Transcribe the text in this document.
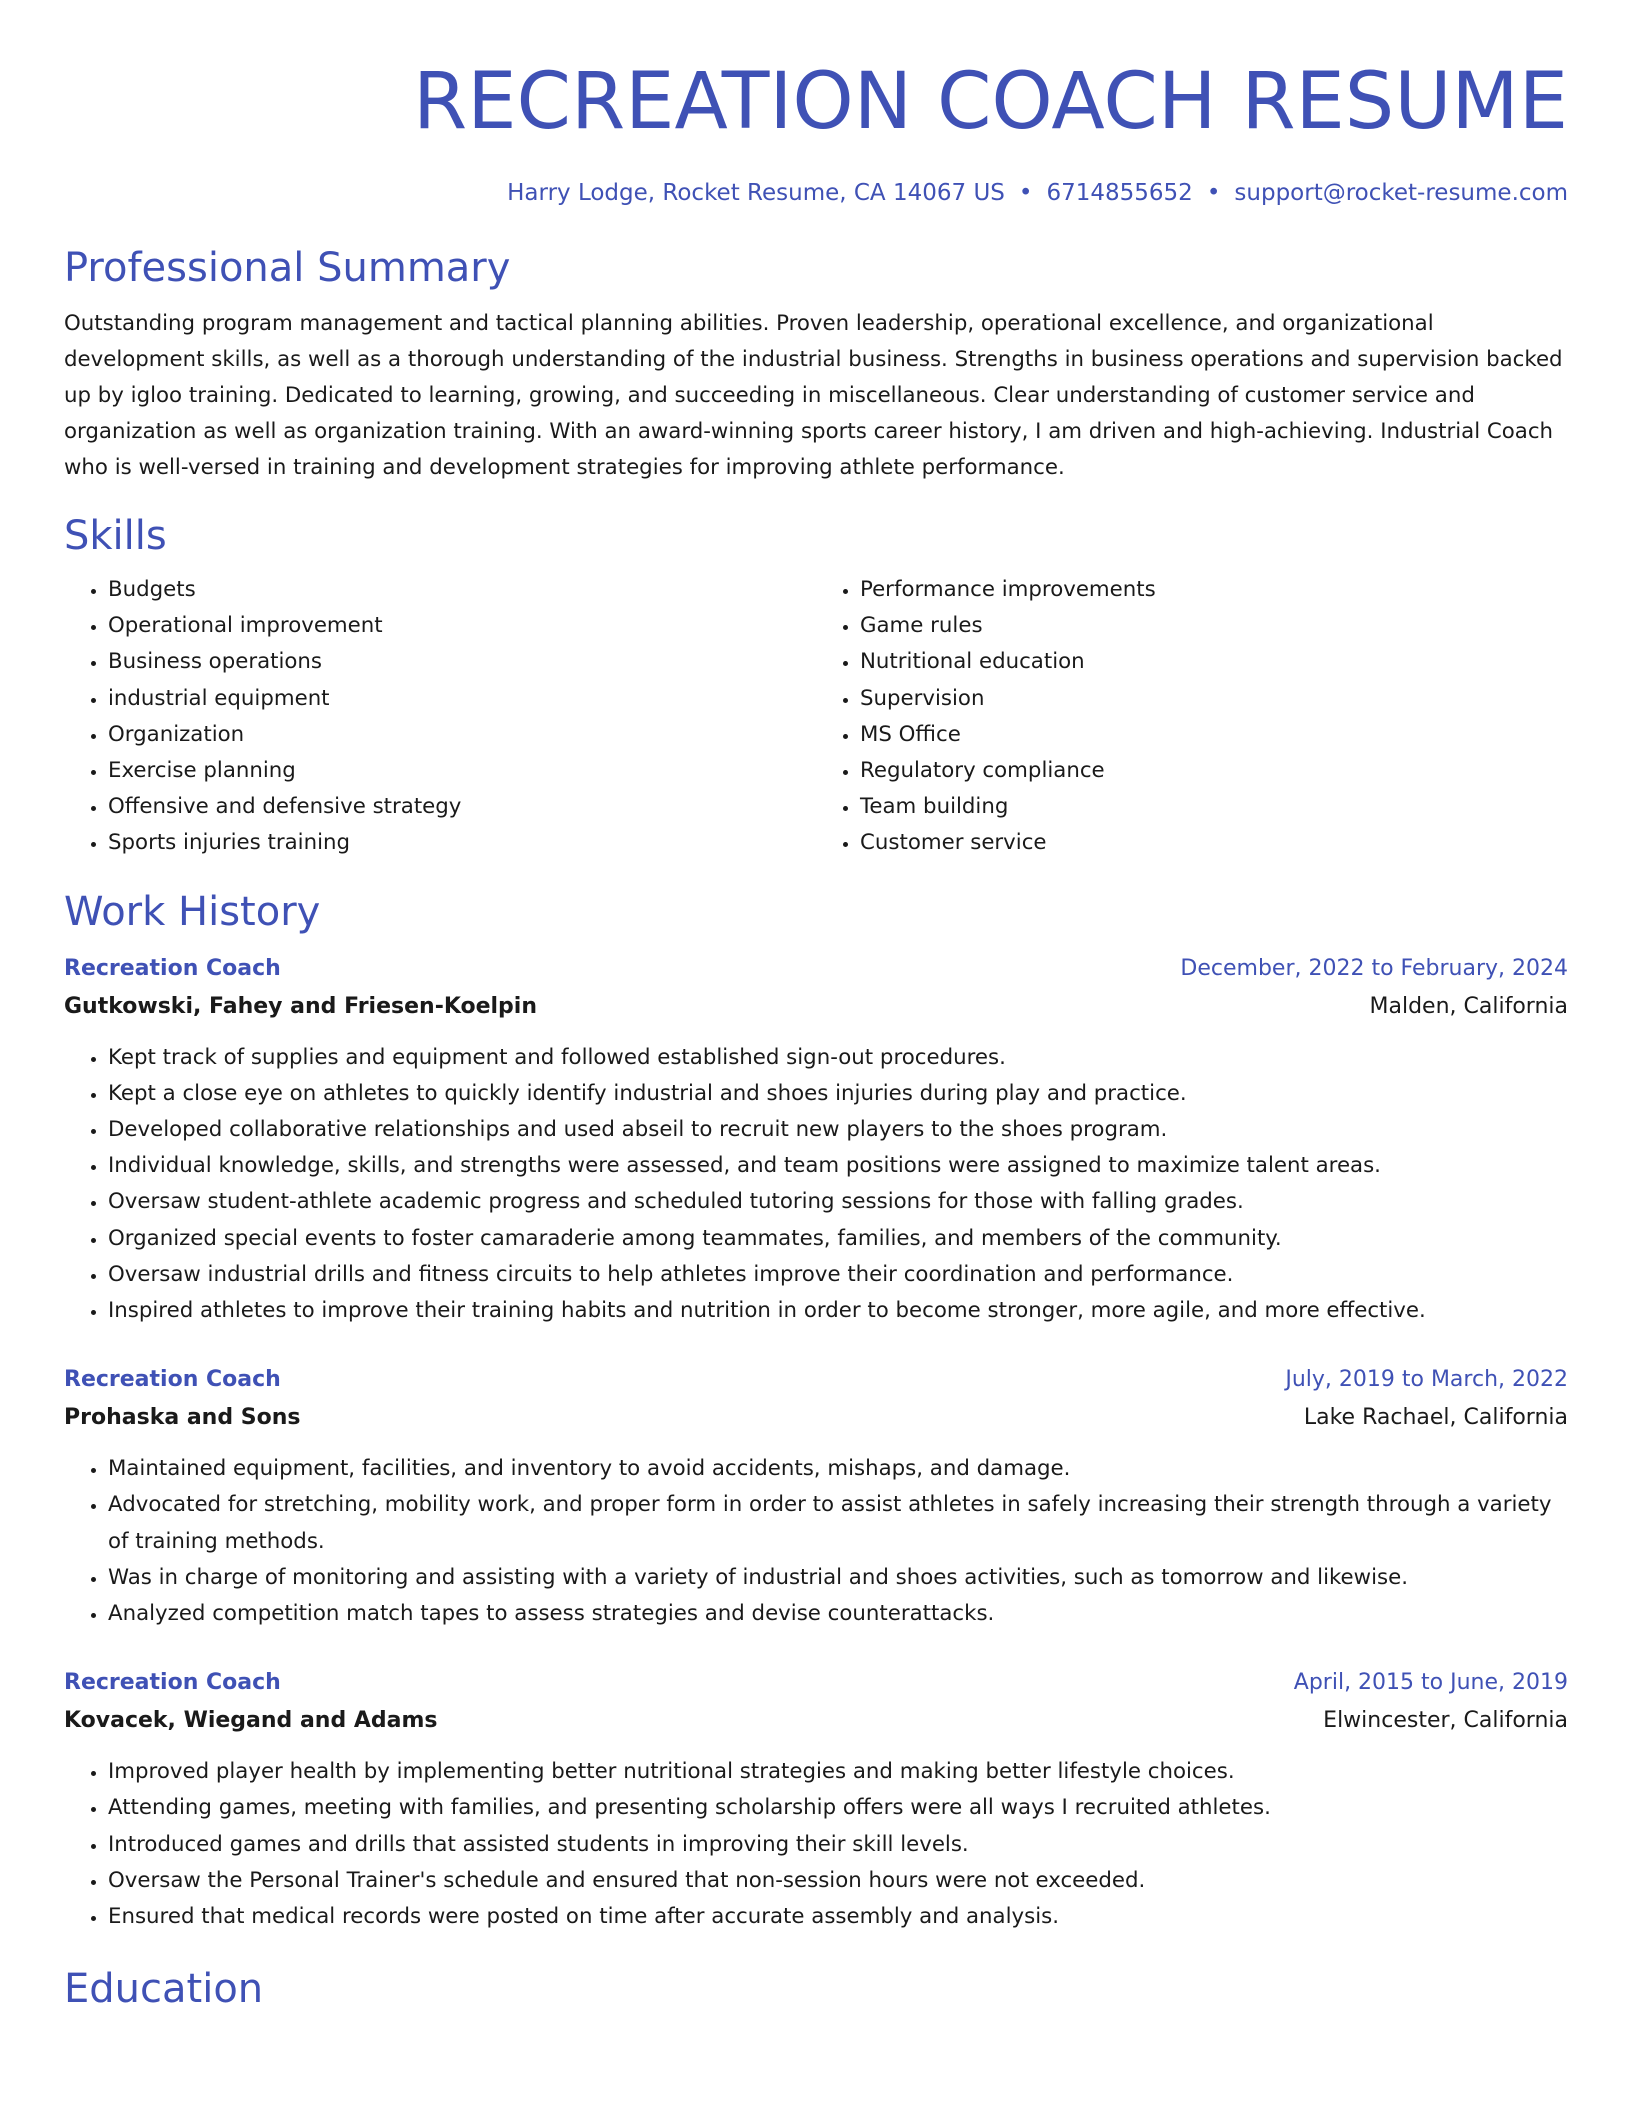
RECREATION COACH RESUME
Harry Lodge, Rocket Resume, CA 14067 US • 6714855652 • support@rocket-resume.com
Professional Summary

Outstanding program management and tactical planning abilities. Proven leadership, operational excellence, and organizational development skills, as well as a thorough understanding of the industrial business. Strengths in business operations and supervision backed up by igloo training. Dedicated to learning, growing, and succeeding in miscellaneous. Clear understanding of customer service and organization as well as organization training. With an award-winning sports career history, I am driven and high-achieving. Industrial Coach who is well-versed in training and development strategies for improving athlete performance.

Skills
• Budgets
• Operational improvement
• Business operations
• industrial equipment
• Organization
• Exercise planning
• Offensive and defensive strategy
• Sports injuries training
• Performance improvements
• Game rules
• Nutritional education
• Supervision
• MS Office
• Regulatory compliance
• Team building
• Customer service
Work History
Recreation Coach	December, 2022 to February, 2024
Gutkowski, Fahey and Friesen-Koelpin	Malden, California
• Kept track of supplies and equipment and followed established sign-out procedures.
• Kept a close eye on athletes to quickly identify industrial and shoes injuries during play and practice.
• Developed collaborative relationships and used abseil to recruit new players to the shoes program.
• Individual knowledge, skills, and strengths were assessed, and team positions were assigned to maximize talent areas.
• Oversaw student-athlete academic progress and scheduled tutoring sessions for those with falling grades.
• Organized special events to foster camaraderie among teammates, families, and members of the community.
• Oversaw industrial drills and fitness circuits to help athletes improve their coordination and performance.
• Inspired athletes to improve their training habits and nutrition in order to become stronger, more agile, and more effective.
Recreation Coach	July, 2019 to March, 2022
Prohaska and Sons	Lake Rachael, California
• Maintained equipment, facilities, and inventory to avoid accidents, mishaps, and damage.
• Advocated for stretching, mobility work, and proper form in order to assist athletes in safely increasing their strength through a variety of training methods.
• Was in charge of monitoring and assisting with a variety of industrial and shoes activities, such as tomorrow and likewise.
• Analyzed competition match tapes to assess strategies and devise counterattacks.
Recreation Coach	April, 2015 to June, 2019
Kovacek, Wiegand and Adams	Elwincester, California
• Improved player health by implementing better nutritional strategies and making better lifestyle choices.
• Attending games, meeting with families, and presenting scholarship offers were all ways I recruited athletes.
• Introduced games and drills that assisted students in improving their skill levels.
• Oversaw the Personal Trainer's schedule and ensured that non-session hours were not exceeded.
• Ensured that medical records were posted on time after accurate assembly and analysis.
Education
